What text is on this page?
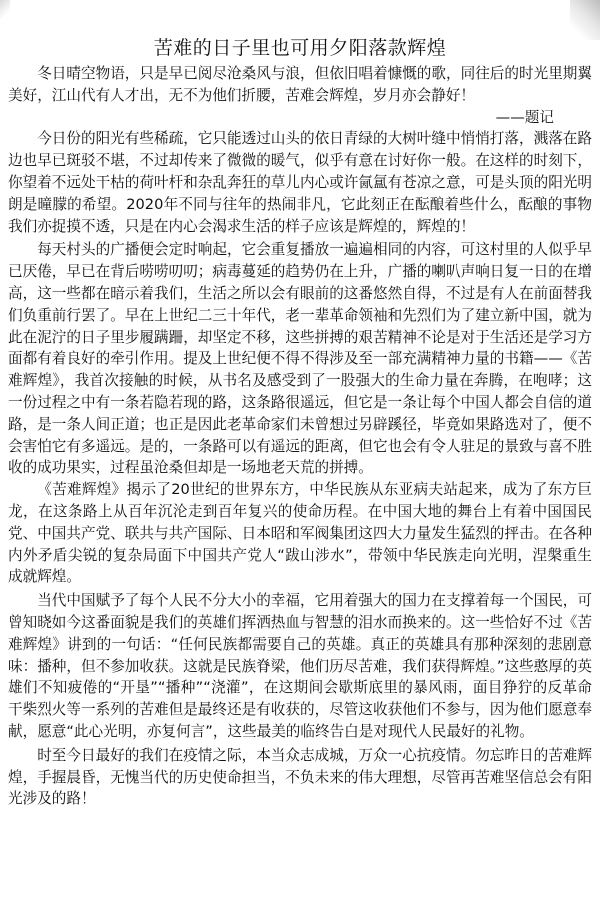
苦难的日子里也可用夕阳落款辉煌

冬日晴空物语，只是早已阅尽沧桑风与浪，但依旧唱着慷慨的歌，同往后的时光里期翼美好，江山代有人才出，无不为他们折腰，苦难会辉煌，岁月亦会静好！

——题记

今日份的阳光有些稀疏，它只能透过山头的依日青绿的大树叶缝中悄悄打落，溅落在路边也早已斑驳不堪，不过却传来了微微的暖气，似乎有意在讨好你一般。在这样的时刻下，你望着不远处干枯的荷叶杆和杂乱奔狂的草儿内心或许氤氲有苍凉之意，可是头顶的阳光明朗是曈朦的希望。2020年不同与往年的热闹非凡，它此刻正在酝酿着些什么，酝酿的事物我们亦捉摸不透，只是在内心会渴求生活的样子应该是辉煌的，辉煌的！

每天村头的广播便会定时响起，它会重复播放一遍遍相同的内容，可这村里的人似乎早已厌倦，早已在背后唠唠叨叨；病毒蔓延的趋势仍在上升，广播的喇叭声响日复一日的在增高，这一些都在暗示着我们，生活之所以会有眼前的这番悠然自得，不过是有人在前面替我们负重前行罢了。早在上世纪二三十年代，老一辈革命领袖和先烈们为了建立新中国，就为此在泥泞的日子里步履蹒跚，却坚定不移，这些拼搏的艰苦精神不论是对于生活还是学习方面都有着良好的牵引作用。提及上世纪便不得不得涉及至一部充满精神力量的书籍——《苦难辉煌》，我首次接触的时候，从书名及感受到了一股强大的生命力量在奔腾，在咆哮；这一份过程之中有一条若隐若现的路，这条路很遥远，但它是一条让每个中国人都会自信的道路，是一条人间正道；也正是因此老革命家们未曾想过另辟蹊径，毕竟如果路选对了，便不会害怕它有多遥远。是的，一条路可以有遥远的距离，但它也会有令人驻足的景致与喜不胜收的成功果实，过程虽沧桑但却是一场地老天荒的拼搏。

《苦难辉煌》揭示了20世纪的世界东方，中华民族从东亚病夫站起来，成为了东方巨龙，在这条路上从百年沉沦走到百年复兴的使命历程。在中国大地的舞台上有着中国国民党、中国共产党、联共与共产国际、日本昭和军阀集团这四大力量发生猛烈的抨击。在各种内外矛盾尖锐的复杂局面下中国共产党人“跋山涉水”，带领中华民族走向光明，涅槃重生成就辉煌。

当代中国赋予了每个人民不分大小的幸福，它用着强大的国力在支撑着每一个国民，可曾知晓如今这番面貌是我们的英雄们挥洒热血与智慧的泪水而换来的。这一些恰好不过《苦难辉煌》讲到的一句话：“任何民族都需要自己的英雄。真正的英雄具有那种深刻的悲剧意味：播种，但不参加收获。这就是民族脊梁，他们历尽苦难，我们获得辉煌。”这些憨厚的英雄们不知疲倦的“开垦”“播种”“浇灌”，在这期间会歇斯底里的暴风雨，面目狰狞的反革命干柴烈火等一系列的苦难但是最终还是有收获的，尽管这收获他们不参与，因为他们愿意奉献，愿意“此心光明，亦复何言”，这些最美的临终告白是对现代人民最好的礼物。

时至今日最好的我们在疫情之际，本当众志成城，万众一心抗疫情。勿忘昨日的苦难辉煌，手握晨昏，无愧当代的历史使命担当，不负未来的伟大理想，尽管再苦难坚信总会有阳光涉及的路！
